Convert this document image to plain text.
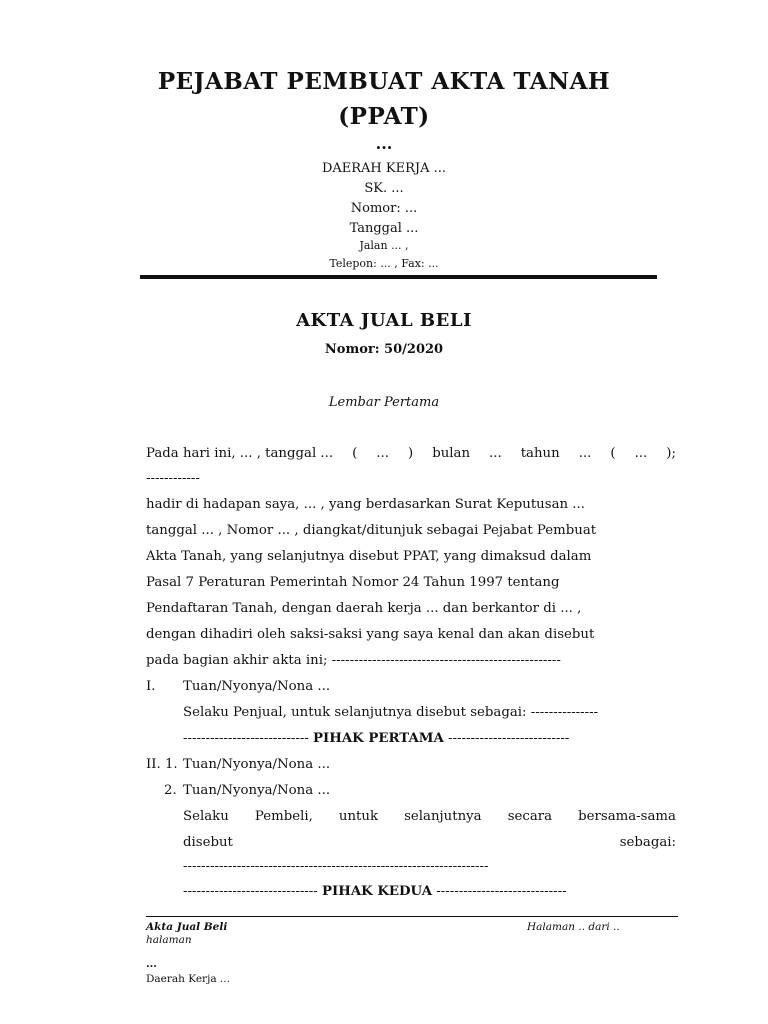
PEJABAT PEMBUAT AKTA TANAH
(PPAT)
...
DAERAH KERJA ...
SK. ...
Nomor: ...
Tanggal ...
Jalan ... ,
Telepon: ... , Fax: ...
AKTA JUAL BELI
Nomor: 50/2020
Lembar Pertama
Pada hari ini, ... , tanggal ... ( ... ) bulan ... tahun ... ( ... );
------------
hadir di hadapan saya, ... , yang berdasarkan Surat Keputusan ...
tanggal ... , Nomor ... , diangkat/ditunjuk sebagai Pejabat Pembuat
Akta Tanah, yang selanjutnya disebut PPAT, yang dimaksud dalam
Pasal 7 Peraturan Pemerintah Nomor 24 Tahun 1997 tentang
Pendaftaran Tanah, dengan daerah kerja ... dan berkantor di ... ,
dengan dihadiri oleh saksi-saksi yang saya kenal dan akan disebut
pada bagian akhir akta ini; ---------------------------------------------------
I. Tuan/Nyonya/Nona ...
Selaku Penjual, untuk selanjutnya disebut sebagai: ---------------
---------------------------- PIHAK PERTAMA ---------------------------
II. 1. Tuan/Nyonya/Nona ...
2. Tuan/Nyonya/Nona ...
Selaku Pembeli, untuk selanjutnya secara bersama-sama
disebut	sebagai:
--------------------------------------------------------------------
------------------------------ PIHAK KEDUA -----------------------------
Akta Jual Beli	Halaman .. dari ..
halaman
...
Daerah Kerja ...
